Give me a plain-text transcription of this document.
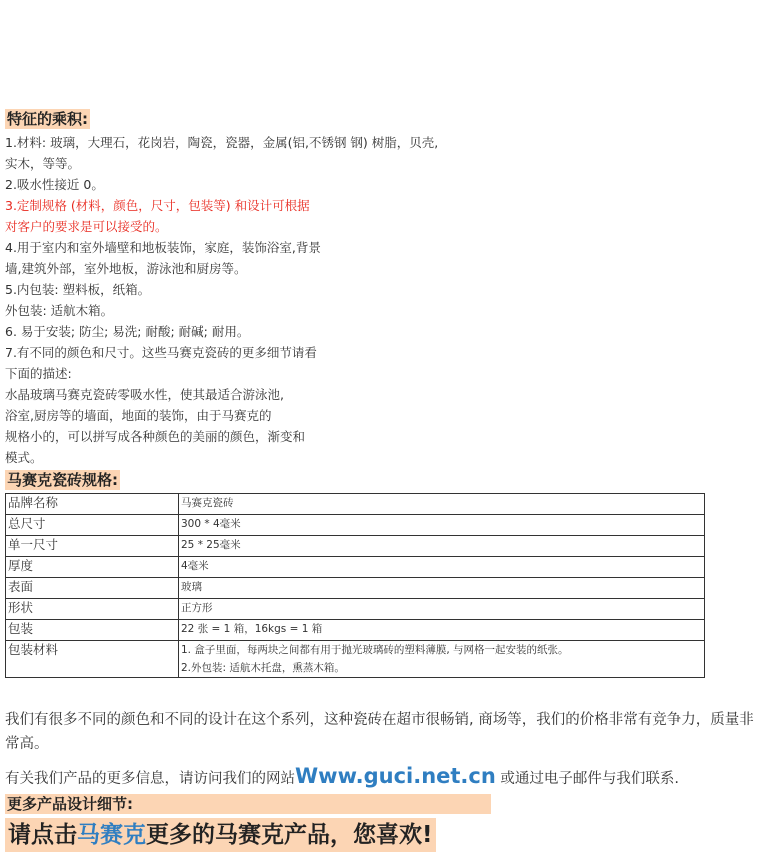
特征的乘积:
1.材料: 玻璃，大理石，花岗岩，陶瓷，瓷器，金属(铝,不锈钢 钢) 树脂，贝壳,
实木，等等。
2.吸水性接近 0。
3.定制规格 (材料，颜色，尺寸，包装等) 和设计可根据
对客户的要求是可以接受的。
4.用于室内和室外墙壁和地板装饰，家庭，装饰浴室,背景
墙,建筑外部，室外地板，游泳池和厨房等。
5.内包装: 塑料板，纸箱。
外包装: 适航木箱。
6. 易于安装; 防尘; 易洗; 耐酸; 耐碱; 耐用。
7.有不同的颜色和尺寸。这些马赛克瓷砖的更多细节请看
下面的描述:
水晶玻璃马赛克瓷砖零吸水性，使其最适合游泳池,
浴室,厨房等的墙面，地面的装饰，由于马赛克的
规格小的，可以拼写成各种颜色的美丽的颜色，渐变和
模式。
马赛克瓷砖规格:
品牌名称	马赛克瓷砖
总尺寸	300 * 4毫米
单一尺寸	25 * 25毫米
厚度	4毫米
表面	玻璃
形状	正方形
包装	22 张 = 1 箱，16kgs = 1 箱
包装材料	1. 盒子里面，每两块之间都有用于抛光玻璃砖的塑料薄膜, 与网格一起安装的纸张。
2.外包装: 适航木托盘，熏蒸木箱。
我们有很多不同的颜色和不同的设计在这个系列，这种瓷砖在超市很畅销, 商场等，我们的价格非常有竞争力，质量非常高。
有关我们产品的更多信息，请访问我们的网站Www.guci.net.cn 或通过电子邮件与我们联系.
更多产品设计细节:
请点击马赛克更多的马赛克产品，您喜欢!
